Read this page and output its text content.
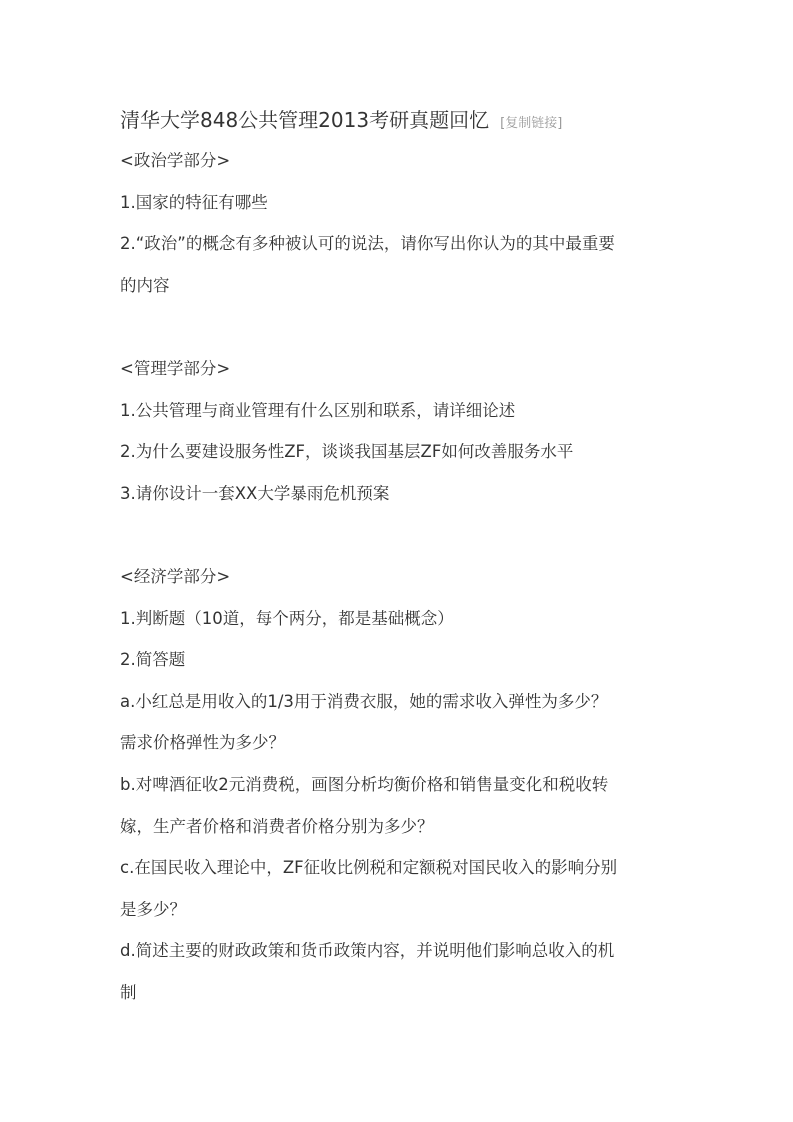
清华大学848公共管理2013考研真题回忆 [复制链接]
<政治学部分>
1.国家的特征有哪些
2.“政治”的概念有多种被认可的说法，请你写出你认为的其中最重要
的内容
<管理学部分>
1.公共管理与商业管理有什么区别和联系，请详细论述
2.为什么要建设服务性ZF，谈谈我国基层ZF如何改善服务水平
3.请你设计一套XX大学暴雨危机预案
<经济学部分>
1.判断题（10道，每个两分，都是基础概念）
2.简答题
a.小红总是用收入的1/3用于消费衣服，她的需求收入弹性为多少？
需求价格弹性为多少？
b.对啤酒征收2元消费税，画图分析均衡价格和销售量变化和税收转
嫁，生产者价格和消费者价格分别为多少？
c.在国民收入理论中，ZF征收比例税和定额税对国民收入的影响分别
是多少？
d.简述主要的财政政策和货币政策内容，并说明他们影响总收入的机
制
